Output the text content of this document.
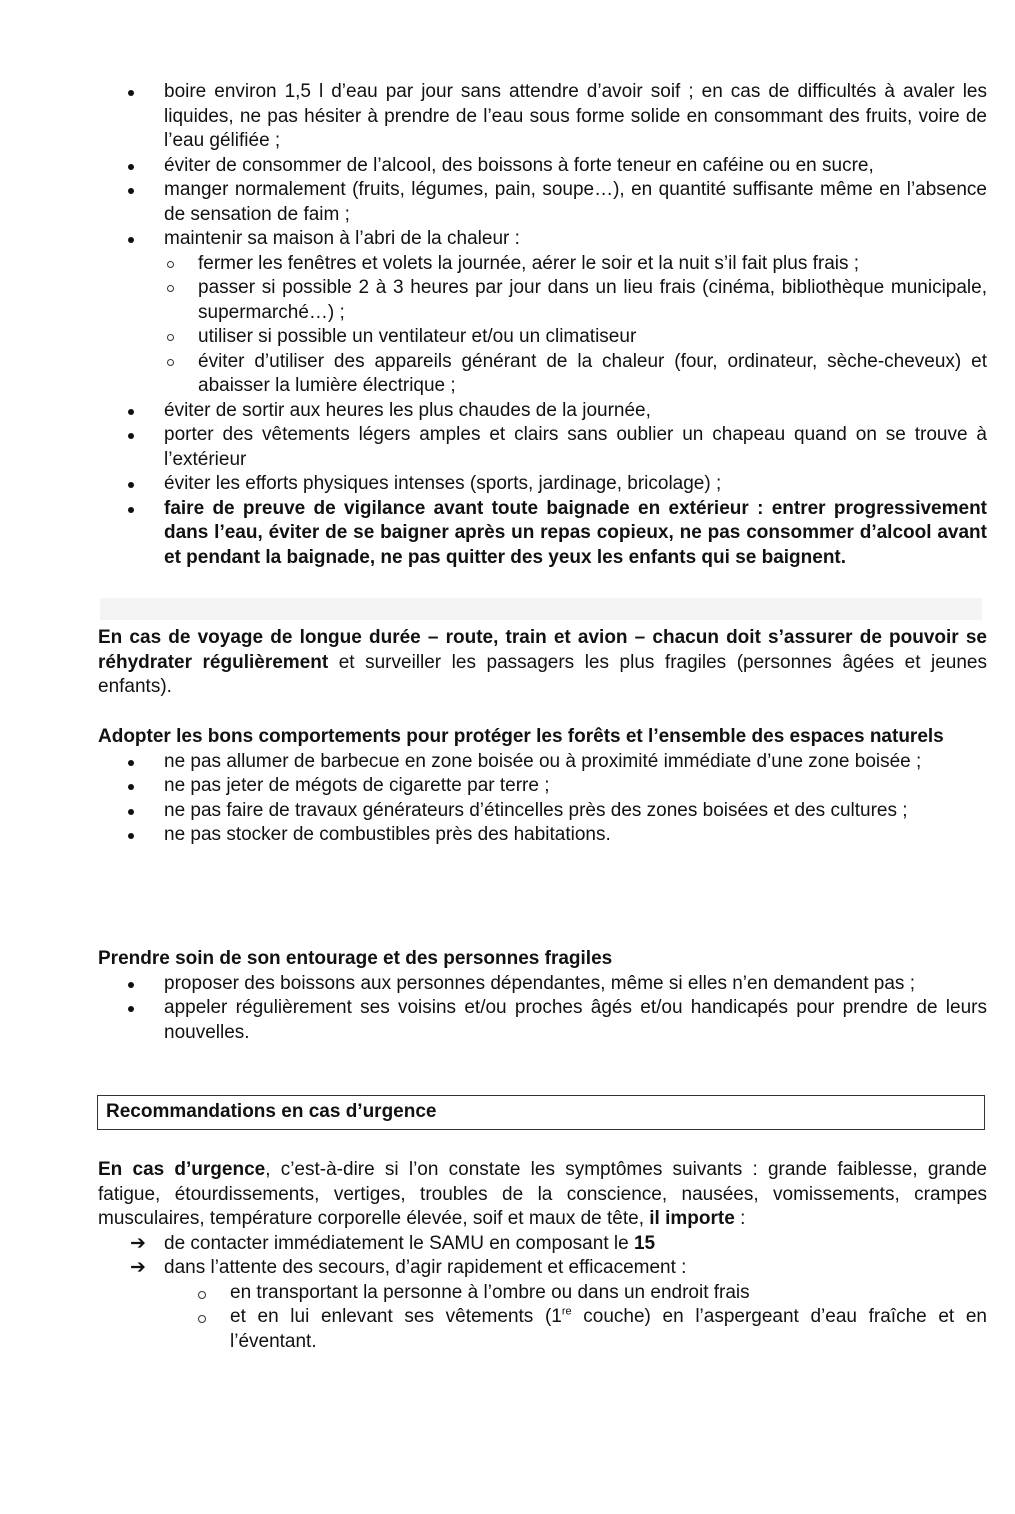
boire environ 1,5 l d’eau par jour sans attendre d’avoir soif ; en cas de difficultés à avaler les liquides, ne pas hésiter à prendre de l’eau sous forme solide en consommant des fruits, voire de l’eau gélifiée ;
éviter de consommer de l’alcool, des boissons à forte teneur en caféine ou en sucre,
manger normalement (fruits, légumes, pain, soupe…), en quantité suffisante même en l’absence de sensation de faim ;
maintenir sa maison à l’abri de la chaleur :
fermer les fenêtres et volets la journée, aérer le soir et la nuit s’il fait plus frais ;
passer si possible 2 à 3 heures par jour dans un lieu frais (cinéma, bibliothèque municipale, supermarché…) ;
utiliser si possible un ventilateur et/ou un climatiseur
éviter d’utiliser des appareils générant de la chaleur (four, ordinateur, sèche-cheveux) et abaisser la lumière électrique ;
éviter de sortir aux heures les plus chaudes de la journée,
porter des vêtements légers amples et clairs sans oublier un chapeau quand on se trouve à l’extérieur
éviter les efforts physiques intenses (sports, jardinage, bricolage) ;
faire de preuve de vigilance avant toute baignade en extérieur : entrer progressivement dans l’eau, éviter de se baigner après un repas copieux, ne pas consommer d’alcool avant et pendant la baignade, ne pas quitter des yeux les enfants qui se baignent.
En cas de voyage de longue durée – route, train et avion – chacun doit s’assurer de pouvoir se réhydrater régulièrement et surveiller les passagers les plus fragiles (personnes âgées et jeunes enfants).
Adopter les bons comportements pour protéger les forêts et l’ensemble des espaces naturels
ne pas allumer de barbecue en zone boisée ou à proximité immédiate d’une zone boisée ;
ne pas jeter de mégots de cigarette par terre ;
ne pas faire de travaux générateurs d’étincelles près des zones boisées et des cultures ;
ne pas stocker de combustibles près des habitations.
Prendre soin de son entourage et des personnes fragiles
proposer des boissons aux personnes dépendantes, même si elles n’en demandent pas ;
appeler régulièrement ses voisins et/ou proches âgés et/ou handicapés pour prendre de leurs nouvelles.
Recommandations en cas d’urgence
En cas d’urgence, c’est-à-dire si l’on constate les symptômes suivants : grande faiblesse, grande fatigue, étourdissements, vertiges, troubles de la conscience, nausées, vomissements, crampes musculaires, température corporelle élevée, soif et maux de tête, il importe :
➔ de contacter immédiatement le SAMU en composant le 15
➔ dans l’attente des secours, d’agir rapidement et efficacement :
en transportant la personne à l’ombre ou dans un endroit frais
et en lui enlevant ses vêtements (1re couche) en l’aspergeant d’eau fraîche et en l’éventant.
